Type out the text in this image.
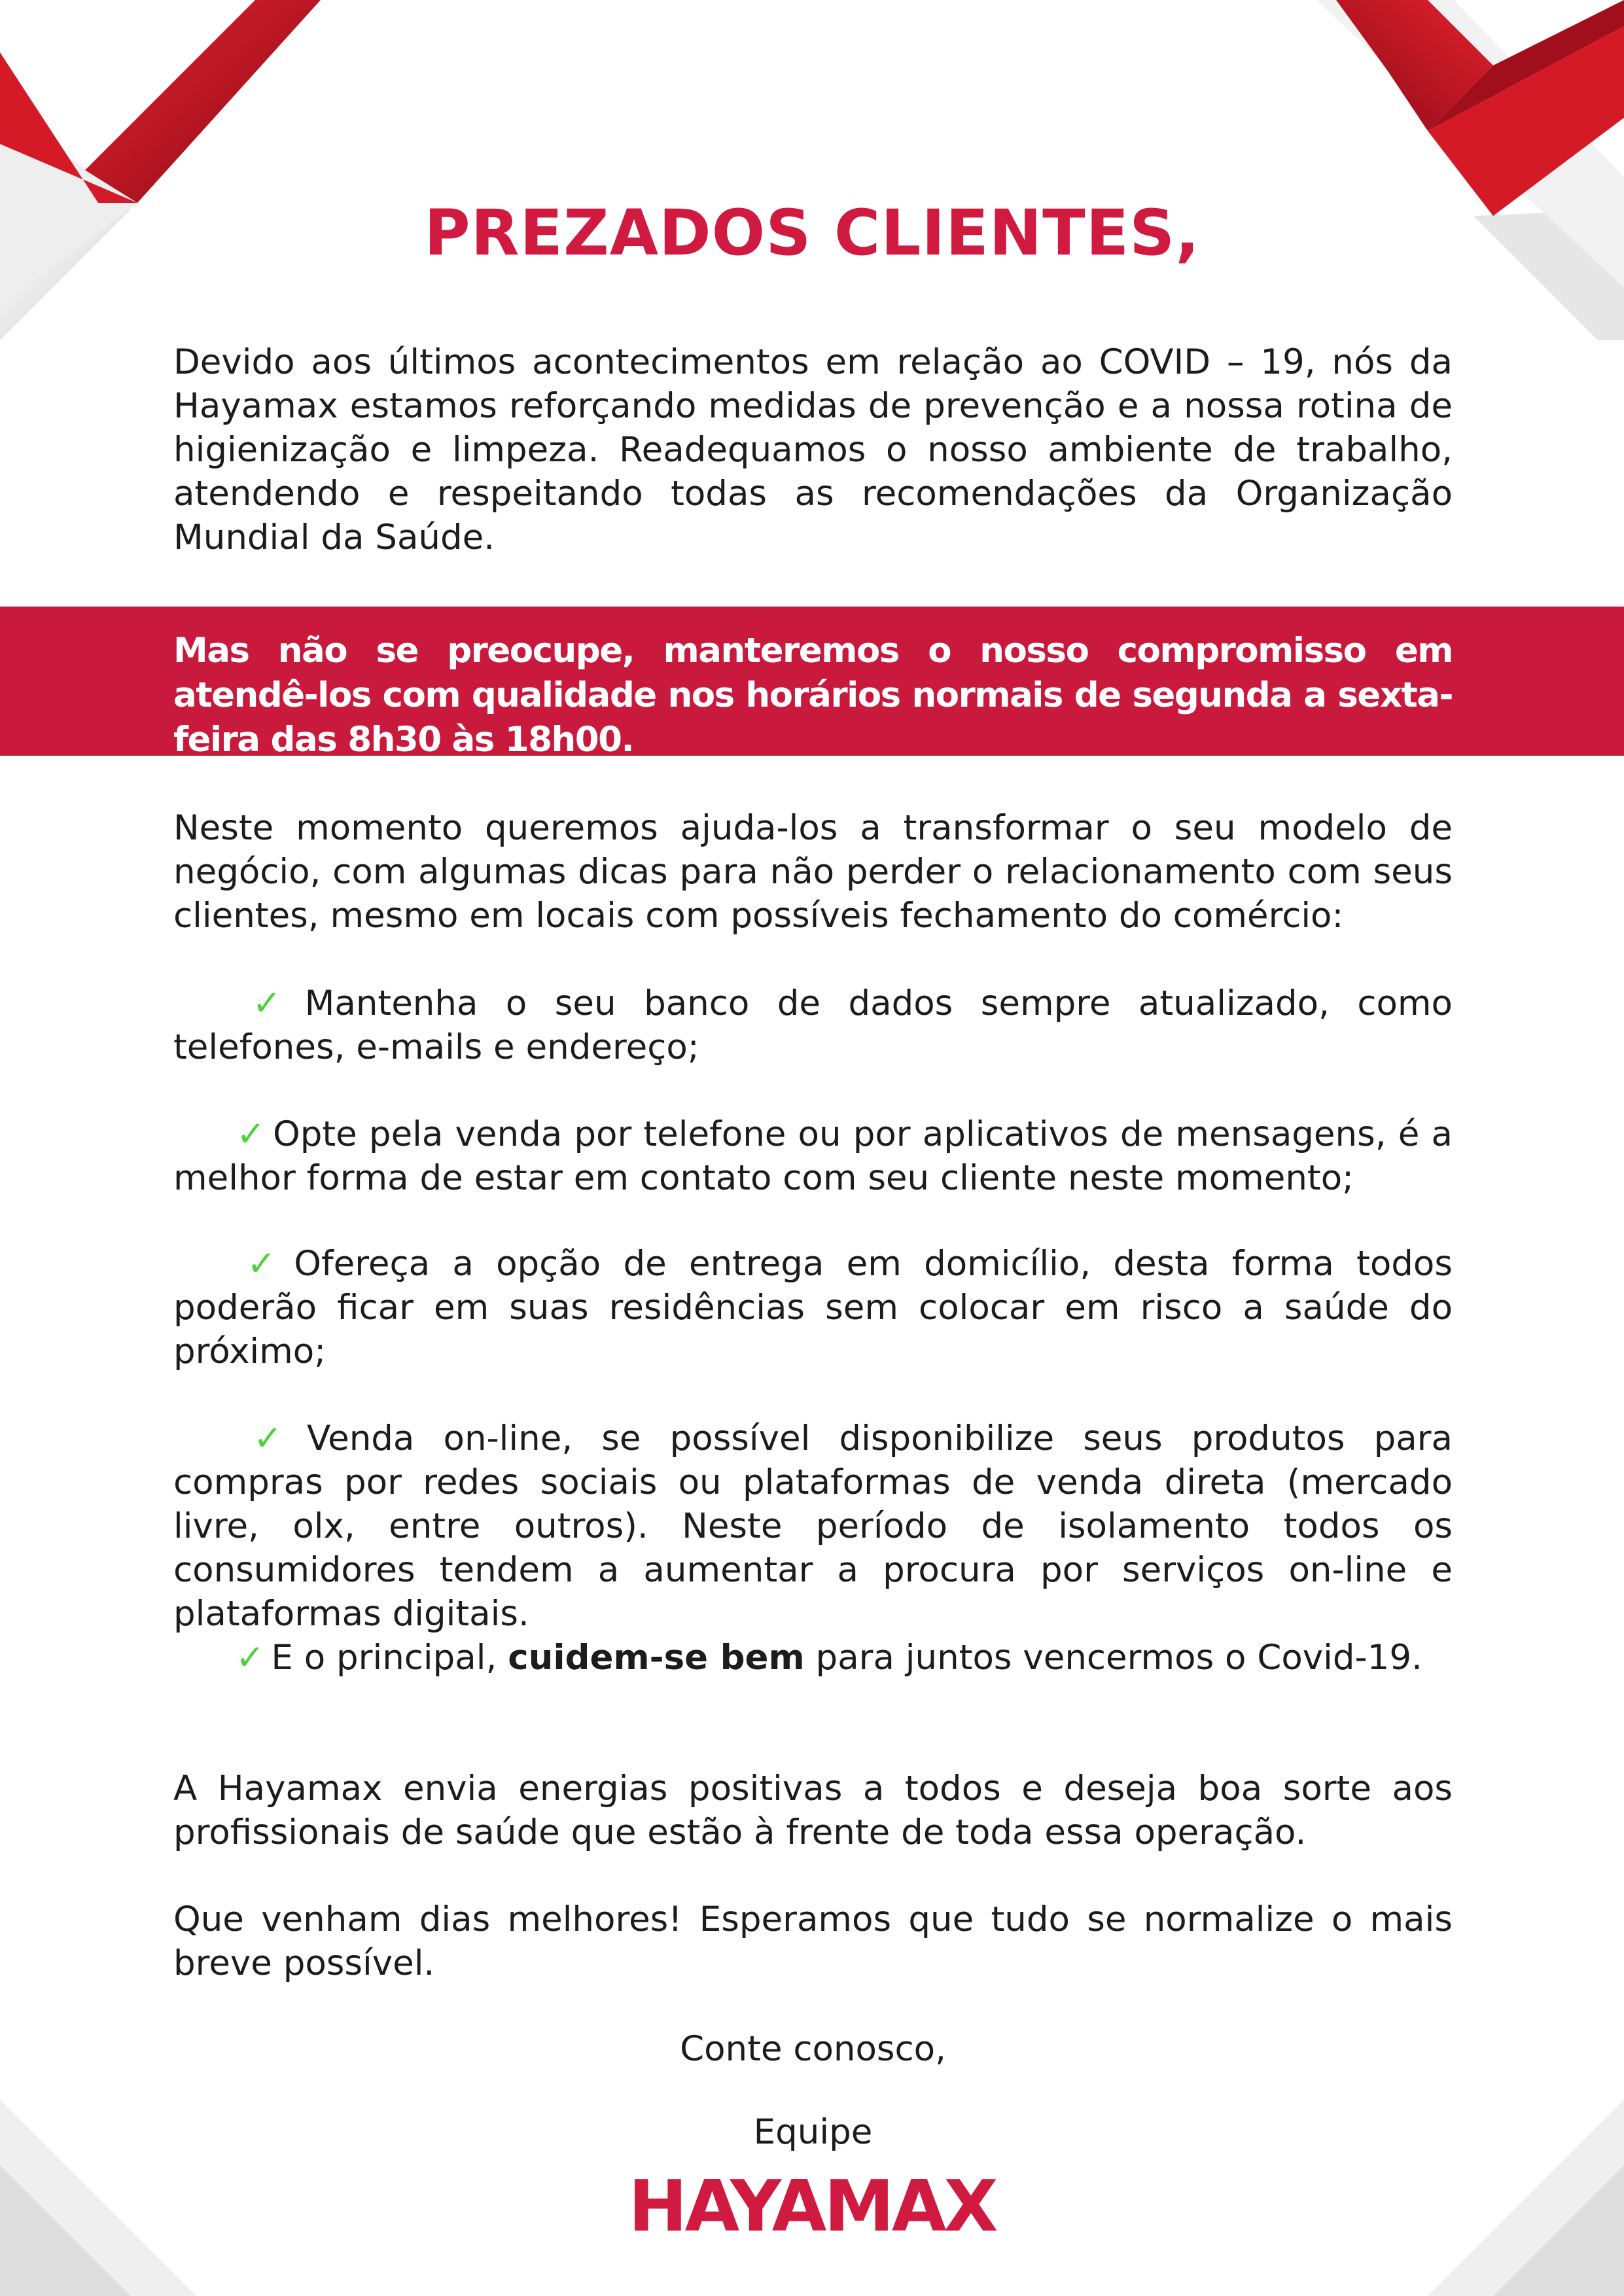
PREZADOS CLIENTES,

Devido aos últimos acontecimentos em relação ao COVID – 19, nós da Hayamax estamos reforçando medidas de prevenção e a nossa rotina de higienização e limpeza. Readequamos o nosso ambiente de trabalho, atendendo e respeitando todas as recomendações da Organização Mundial da Saúde.

Mas não se preocupe, manteremos o nosso compromisso em atendê-los com qualidade nos horários normais de segunda a sexta-feira das 8h30 às 18h00.

Neste momento queremos ajuda-los a transformar o seu modelo de negócio, com algumas dicas para não perder o relacionamento com seus clientes, mesmo em locais com possíveis fechamento do comércio:

✓ Mantenha o seu banco de dados sempre atualizado, como telefones, e-mails e endereço;

✓ Opte pela venda por telefone ou por aplicativos de mensagens, é a melhor forma de estar em contato com seu cliente neste momento;

✓ Ofereça a opção de entrega em domicílio, desta forma todos poderão ficar em suas residências sem colocar em risco a saúde do próximo;

✓ Venda on-line, se possível disponibilize seus produtos para compras por redes sociais ou plataformas de venda direta (mercado livre, olx, entre outros). Neste período de isolamento todos os consumidores tendem a aumentar a procura por serviços on-line e plataformas digitais.

✓ E o principal, cuidem-se bem para juntos vencermos o Covid-19.

A Hayamax envia energias positivas a todos e deseja boa sorte aos profissionais de saúde que estão à frente de toda essa operação.

Que venham dias melhores! Esperamos que tudo se normalize o mais breve possível.

Conte conosco,

Equipe

HAYAMAX
